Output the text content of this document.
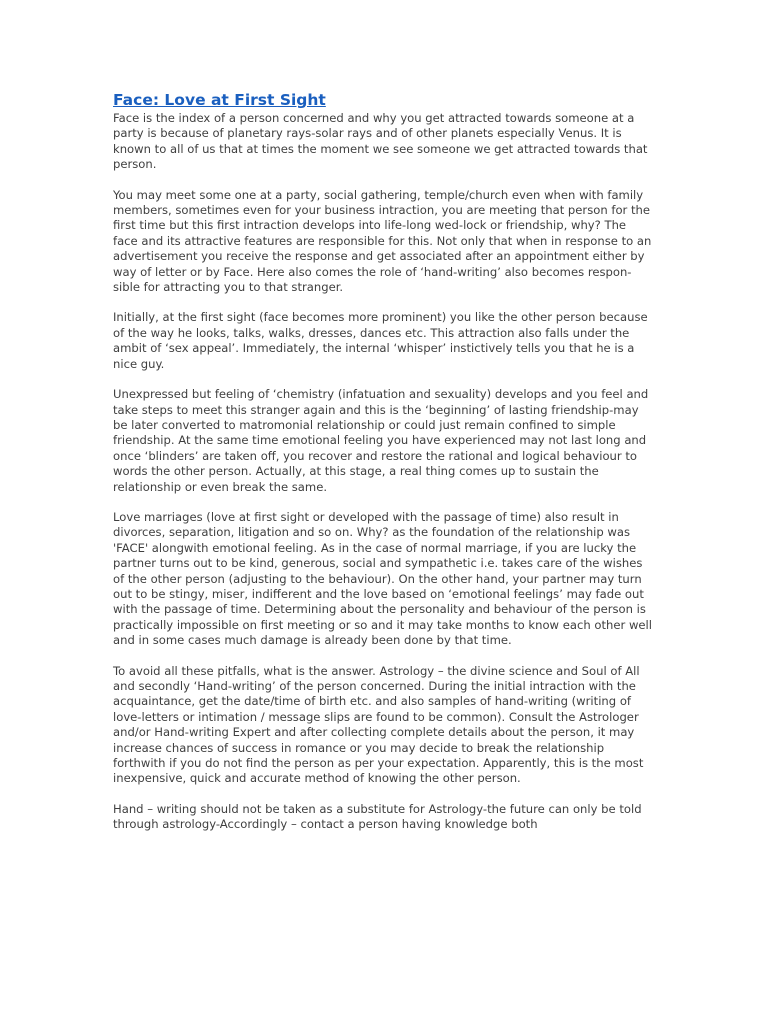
Face: Love at First Sight

Face is the index of a person concerned and why you get attracted towards someone at a party is because of planetary rays-solar rays and of other planets especially Venus. It is known to all of us that at times the moment we see someone we get attracted towards that person.

You may meet some one at a party, social gathering, temple/church even when with family members, sometimes even for your business intraction, you are meeting that person for the first time but this first intraction develops into life-long wed-lock or friendship, why? The face and its attractive features are responsible for this. Not only that when in response to an advertisement you receive the response and get associated after an appointment either by way of letter or by Face. Here also comes the role of ‘hand-writing’ also becomes respon-sible for attracting you to that stranger.

Initially, at the first sight (face becomes more prominent) you like the other person because of the way he looks, talks, walks, dresses, dances etc. This attraction also falls under the ambit of ‘sex appeal’. Immediately, the internal ‘whisper’ instictively tells you that he is a nice guy.

Unexpressed but feeling of ‘chemistry (infatuation and sexuality) develops and you feel and take steps to meet this stranger again and this is the ‘beginning’ of lasting friendship-may be later converted to matromonial relationship or could just remain confined to simple friendship. At the same time emotional feeling you have experienced may not last long and once ‘blinders’ are taken off, you recover and restore the rational and logical behaviour to words the other person. Actually, at this stage, a real thing comes up to sustain the relationship or even break the same.

Love marriages (love at first sight or developed with the passage of time) also result in divorces, separation, litigation and so on. Why? as the foundation of the relationship was 'FACE' alongwith emotional feeling. As in the case of normal marriage, if you are lucky the partner turns out to be kind, generous, social and sympathetic i.e. takes care of the wishes of the other person (adjusting to the behaviour). On the other hand, your partner may turn out to be stingy, miser, indifferent and the love based on ‘emotional feelings’ may fade out with the passage of time. Determining about the personality and behaviour of the person is practically impossible on first meeting or so and it may take months to know each other well and in some cases much damage is already been done by that time.

To avoid all these pitfalls, what is the answer. Astrology – the divine science and Soul of All and secondly ‘Hand-writing’ of the person concerned. During the initial intraction with the acquaintance, get the date/time of birth etc. and also samples of hand-writing (writing of love-letters or intimation / message slips are found to be common). Consult the Astrologer and/or Hand-writing Expert and after collecting complete details about the person, it may increase chances of success in romance or you may decide to break the relationship forthwith if you do not find the person as per your expectation. Apparently, this is the most inexpensive, quick and accurate method of knowing the other person.

Hand – writing should not be taken as a substitute for Astrology-the future can only be told through astrology-Accordingly – contact a person having knowledge both
